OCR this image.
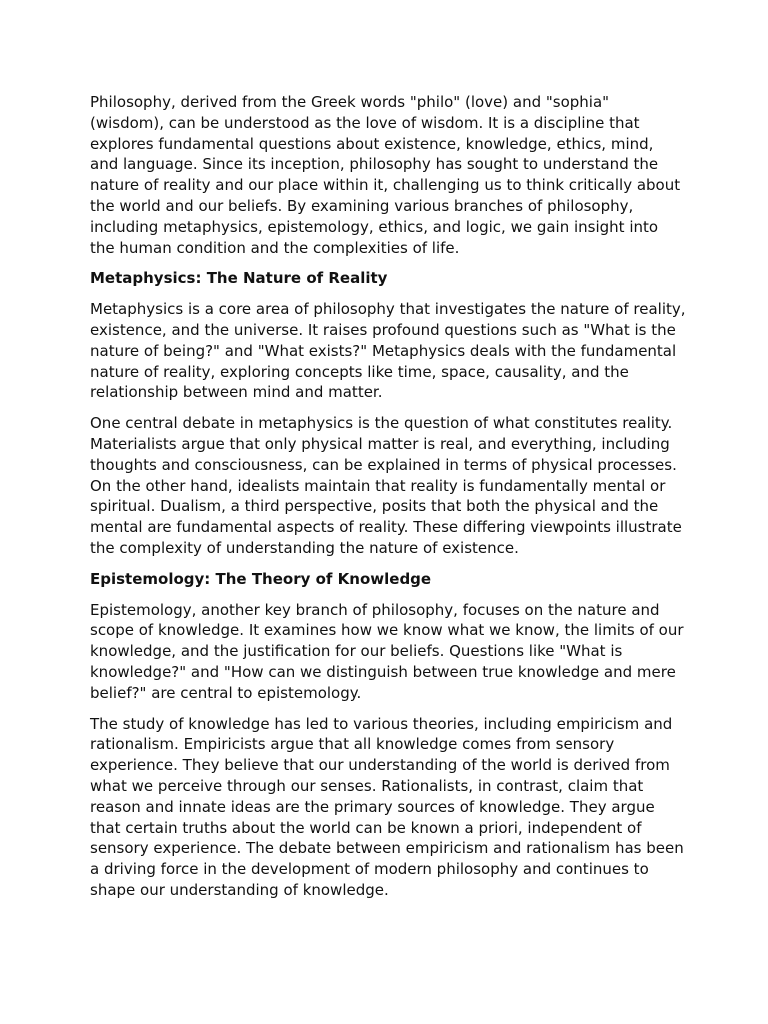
Philosophy, derived from the Greek words "philo" (love) and "sophia" (wisdom), can be understood as the love of wisdom. It is a discipline that explores fundamental questions about existence, knowledge, ethics, mind, and language. Since its inception, philosophy has sought to understand the nature of reality and our place within it, challenging us to think critically about the world and our beliefs. By examining various branches of philosophy, including metaphysics, epistemology, ethics, and logic, we gain insight into the human condition and the complexities of life.

Metaphysics: The Nature of Reality

Metaphysics is a core area of philosophy that investigates the nature of reality, existence, and the universe. It raises profound questions such as "What is the nature of being?" and "What exists?" Metaphysics deals with the fundamental nature of reality, exploring concepts like time, space, causality, and the relationship between mind and matter.

One central debate in metaphysics is the question of what constitutes reality. Materialists argue that only physical matter is real, and everything, including thoughts and consciousness, can be explained in terms of physical processes. On the other hand, idealists maintain that reality is fundamentally mental or spiritual. Dualism, a third perspective, posits that both the physical and the mental are fundamental aspects of reality. These differing viewpoints illustrate the complexity of understanding the nature of existence.

Epistemology: The Theory of Knowledge

Epistemology, another key branch of philosophy, focuses on the nature and scope of knowledge. It examines how we know what we know, the limits of our knowledge, and the justification for our beliefs. Questions like "What is knowledge?" and "How can we distinguish between true knowledge and mere belief?" are central to epistemology.

The study of knowledge has led to various theories, including empiricism and rationalism. Empiricists argue that all knowledge comes from sensory experience. They believe that our understanding of the world is derived from what we perceive through our senses. Rationalists, in contrast, claim that reason and innate ideas are the primary sources of knowledge. They argue that certain truths about the world can be known a priori, independent of sensory experience. The debate between empiricism and rationalism has been a driving force in the development of modern philosophy and continues to shape our understanding of knowledge.
